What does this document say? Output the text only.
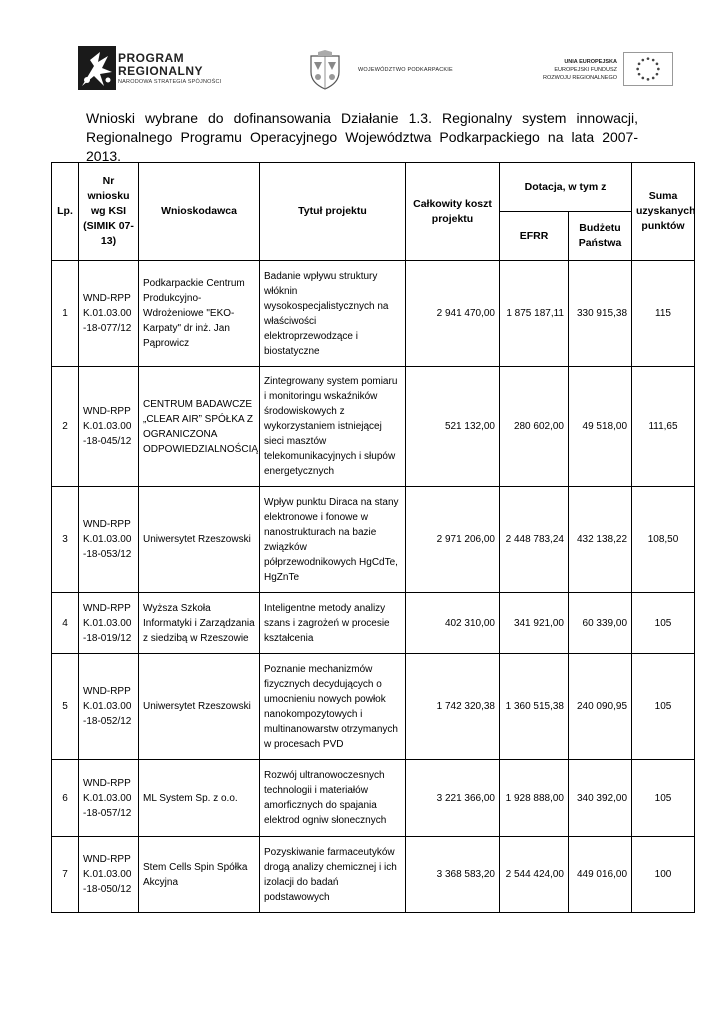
PROGRAM
REGIONALNY
NARODOWA STRATEGIA SPÓJNOŚCI
WOJEWÓDZTWO PODKARPACKIE
UNIA EUROPEJSKA
EUROPEJSKI FUNDUSZ
ROZWOJU REGIONALNEGO
Wnioski wybrane do dofinansowania Działanie 1.3. Regionalny system innowacji, Regionalnego Programu Operacyjnego Województwa Podkarpackiego na lata 2007-2013.
Lp.	Nr wniosku wg KSI (SIMIK 07-13)	Wnioskodawca	Tytuł projektu	Całkowity koszt projektu	Dotacja, w tym z		Suma uzyskanych punktów
					EFRR	Budżetu Państwa	
1	WND-RPPK.01.03.00-18-077/12	Podkarpackie Centrum Produkcyjno-Wdrożeniowe "EKO-Karpaty" dr inż. Jan Pąprowicz	Badanie wpływu struktury włóknin wysokospecjalistycznych na właściwości elektroprzewodzące i biostatyczne	2 941 470,00	1 875 187,11	330 915,38	115
2	WND-RPPK.01.03.00-18-045/12	CENTRUM BADAWCZE „CLEAR AIR” SPÓŁKA Z OGRANICZONA ODPOWIEDZIALNOŚCIĄ	Zintegrowany system pomiaru i monitoringu wskaźników środowiskowych z wykorzystaniem istniejącej sieci masztów telekomunikacyjnych i słupów energetycznych	521 132,00	280 602,00	49 518,00	111,65
3	WND-RPPK.01.03.00-18-053/12	Uniwersytet Rzeszowski	Wpływ punktu Diraca na stany elektronowe i fonowe w nanostrukturach na bazie związków półprzewodnikowych HgCdTe, HgZnTe	2 971 206,00	2 448 783,24	432 138,22	108,50
4	WND-RPPK.01.03.00-18-019/12	Wyższa Szkoła Informatyki i Zarządzania z siedzibą w Rzeszowie	Inteligentne metody analizy szans i zagrożeń w procesie kształcenia	402 310,00	341 921,00	60 339,00	105
5	WND-RPPK.01.03.00-18-052/12	Uniwersytet Rzeszowski	Poznanie mechanizmów fizycznych decydujących o umocnieniu nowych powłok nanokompozytowych i multinanowarstw otrzymanych w procesach PVD	1 742 320,38	1 360 515,38	240 090,95	105
6	WND-RPPK.01.03.00-18-057/12	ML System Sp. z o.o.	Rozwój ultranowoczesnych technologii i materiałów amorficznych do spajania elektrod ogniw słonecznych	3 221 366,00	1 928 888,00	340 392,00	105
7	WND-RPPK.01.03.00-18-050/12	Stem Cells Spin Spółka Akcyjna	Pozyskiwanie farmaceutyków drogą analizy chemicznej i ich izolacji do badań podstawowych	3 368 583,20	2 544 424,00	449 016,00	100
